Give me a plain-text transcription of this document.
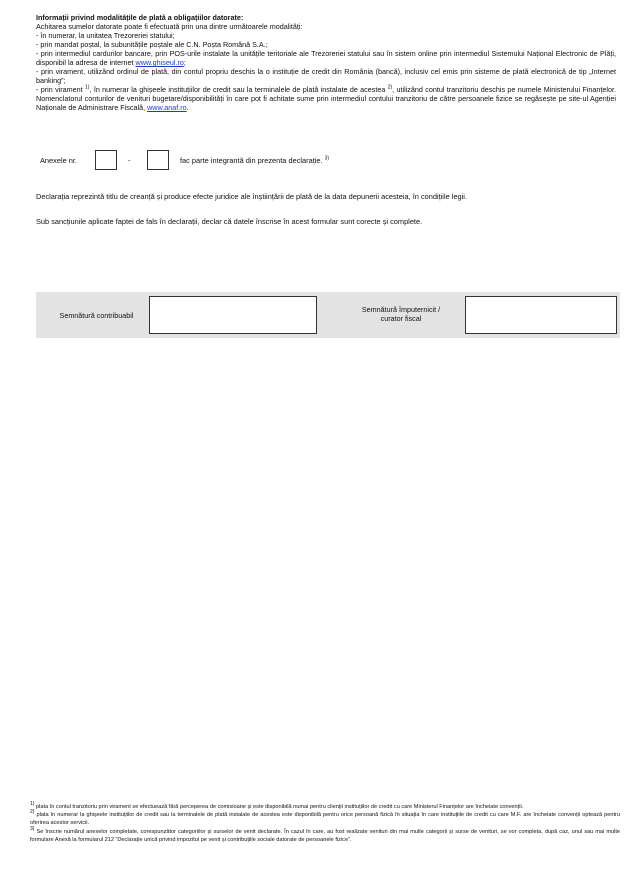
Informații privind modalitățile de plată a obligațiilor datorate:
Achitarea sumelor datorate poate fi efectuată prin una dintre următoarele modalități:
- în numerar, la unitatea Trezoreriei statului;
- prin mandat poștal, la subunitățile poștale ale C.N. Poșta Română S.A.;
- prin intermediul cardurilor bancare, prin POS-urile instalate la unitățile teritoriale ale Trezoreriei statului sau în sistem online prin intermediul Sistemului Național Electronic de Plăți, disponibil la adresa de internet www.ghiseul.ro;
- prin virament, utilizând ordinul de plată, din contul propriu deschis la o instituție de credit din România (bancă), inclusiv cel emis prin sisteme de plată electronică de tip „Internet banking”;
- prin virament $^{1)}$, în numerar la ghișeele instituțiilor de credit sau la terminalele de plată instalate de acestea $^{2)}$, utilizând contul tranzitoriu deschis pe numele Ministerului Finanțelor. Nomenclatorul conturilor de venituri bugetare/disponibilități în care pot fi achitate sume prin intermediul contului tranzitoriu de către persoanele fizice se regăsește pe site-ul Agenției Naționale de Administrare Fiscală, www.anaf.ro.
Anexele nr.	-	fac parte integrantă din prezenta declarație. $^{3)}$
Declarația reprezintă titlu de creanță și produce efecte juridice ale înștiințării de plată de la data depunerii acesteia, în condițiile legii.
Sub sancțiunile aplicate faptei de fals în declarații, declar că datele înscrise în acest formular sunt corecte și complete.
Semnătură contribuabil
Semnătură împuternicit /
curator fiscal
$^{1)}$ plata în contul tranzitoriu prin virament se efectuează fără perceperea de comisioane și este disponibilă numai pentru clienții instituțiilor de credit cu care Ministerul Finanțelor are încheiate convenții.
$^{2)}$ plata în numerar la ghișeele instituțiilor de credit sau la terminalele de plată instalate de acestea este disponibilă pentru orice persoană fizică în situația în care instituțiile de credit cu care M.F. are încheiate convenții optează pentru oferirea acestor servicii.
$^{3)}$ Se înscrie numărul anexelor completate, corespunzător categoriilor și surselor de venit declarate. În cazul în care, au fost realizate venituri din mai multe categorii și surse de venituri, se vor completa, după caz, unul sau mai multe formulare Anexă la formularul 212 “Declarație unică privind impozitul pe venit și contribuțiile sociale datorate de persoanele fizice”.
